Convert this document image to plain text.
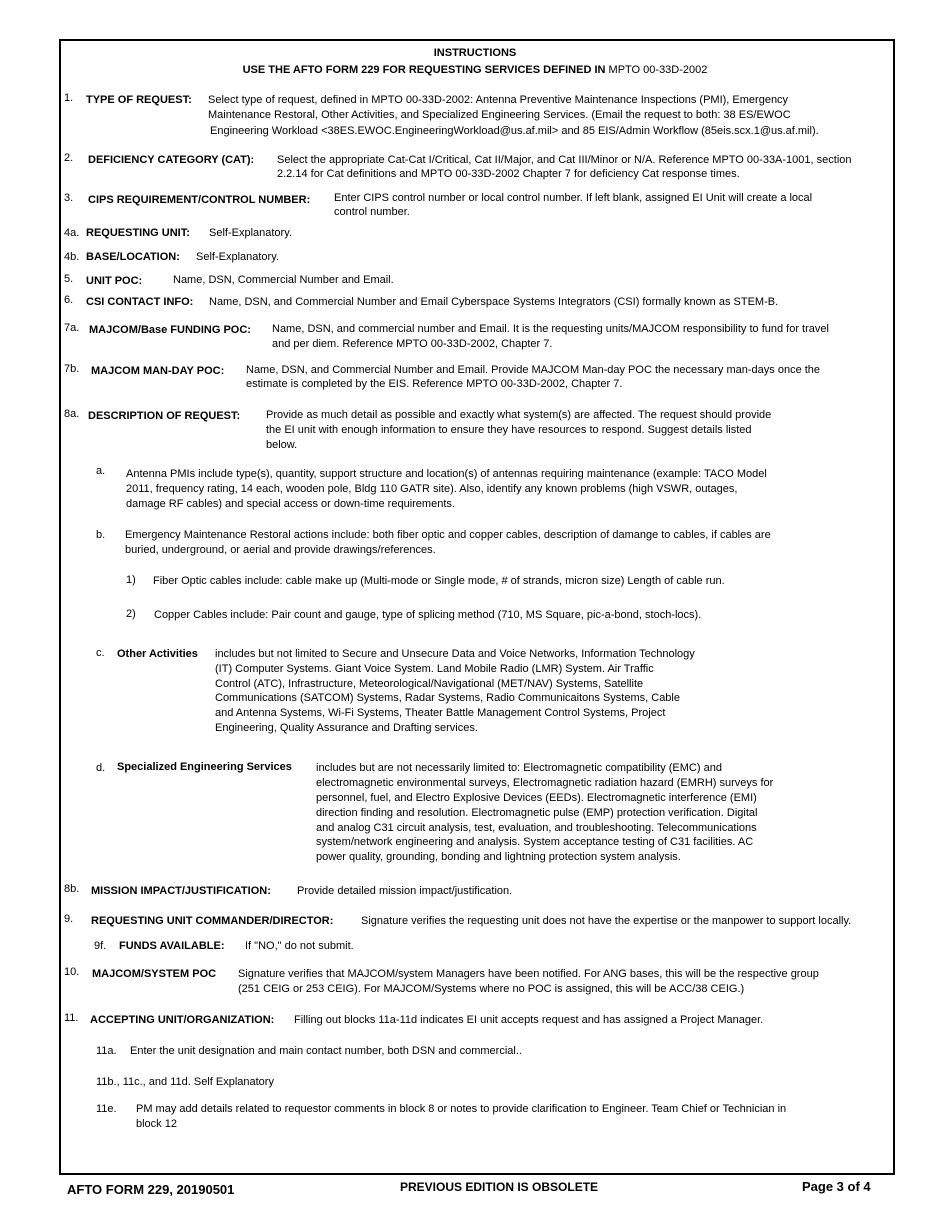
INSTRUCTIONS
USE THE AFTO FORM 229 FOR REQUESTING SERVICES DEFINED IN MPTO 00-33D-2002
1. TYPE OF REQUEST: Select type of request, defined in MPTO 00-33D-2002: Antenna Preventive Maintenance Inspections (PMI), Emergency
Maintenance Restoral, Other Activities, and Specialized Engineering Services. (Email the request to both: 38 ES/EWOC
Engineering Workload <38ES.EWOC.EngineeringWorkload@us.af.mil> and 85 EIS/Admin Workflow (85eis.scx.1@us.af.mil).
2. DEFICIENCY CATEGORY (CAT): Select the appropriate Cat-Cat I/Critical, Cat II/Major, and Cat III/Minor or N/A. Reference MPTO 00-33A-1001, section
2.2.14 for Cat definitions and MPTO 00-33D-2002 Chapter 7 for deficiency Cat response times.
3. CIPS REQUIREMENT/CONTROL NUMBER: Enter CIPS control number or local control number. If left blank, assigned EI Unit will create a local
control number.
4a. REQUESTING UNIT: Self-Explanatory.
4b. BASE/LOCATION: Self-Explanatory.
5. UNIT POC:	Name, DSN, Commercial Number and Email.
6. CSI CONTACT INFO: Name, DSN, and Commercial Number and Email Cyberspace Systems Integrators (CSI) formally known as STEM-B.
7a. MAJCOM/Base FUNDING POC: Name, DSN, and commercial number and Email. It is the requesting units/MAJCOM responsibility to fund for travel
and per diem. Reference MPTO 00-33D-2002, Chapter 7.
7b. MAJCOM MAN-DAY POC: Name, DSN, and Commercial Number and Email. Provide MAJCOM Man-day POC the necessary man-days once the
estimate is completed by the EIS. Reference MPTO 00-33D-2002, Chapter 7.
8a. DESCRIPTION OF REQUEST: Provide as much detail as possible and exactly what system(s) are affected. The request should provide
the EI unit with enough information to ensure they have resources to respond. Suggest details listed
below.
a. Antenna PMIs include type(s), quantity, support structure and location(s) of antennas requiring maintenance (example: TACO Model
2011, frequency rating, 14 each, wooden pole, Bldg 110 GATR site). Also, identify any known problems (high VSWR, outages,
damage RF cables) and special access or down-time requirements.
b. Emergency Maintenance Restoral actions include: both fiber optic and copper cables, description of damange to cables, if cables are
buried, underground, or aerial and provide drawings/references.
1) Fiber Optic cables include: cable make up (Multi-mode or Single mode, # of strands, micron size) Length of cable run.
2) Copper Cables include: Pair count and gauge, type of splicing method (710, MS Square, pic-a-bond, stoch-locs).
c. Other Activities includes but not limited to Secure and Unsecure Data and Voice Networks, Information Technology
(IT) Computer Systems. Giant Voice System. Land Mobile Radio (LMR) System. Air Traffic
Control (ATC), Infrastructure, Meteorological/Navigational (MET/NAV) Systems, Satellite
Communications (SATCOM) Systems, Radar Systems, Radio Communicaitons Systems, Cable
and Antenna Systems, Wi-Fi Systems, Theater Battle Management Control Systems, Project
Engineering, Quality Assurance and Drafting services.
d. Specialized Engineering Services includes but are not necessarily limited to: Electromagnetic compatibility (EMC) and
electromagnetic environmental surveys, Electromagnetic radiation hazard (EMRH) surveys for
personnel, fuel, and Electro Explosive Devices (EEDs). Electromagnetic interference (EMI)
direction finding and resolution. Electromagnetic pulse (EMP) protection verification. Digital
and analog C31 circuit analysis, test, evaluation, and troubleshooting. Telecommunications
system/network engineering and analysis. System acceptance testing of C31 facilities. AC
power quality, grounding, bonding and lightning protection system analysis.
8b. MISSION IMPACT/JUSTIFICATION: Provide detailed mission impact/justification.
9. REQUESTING UNIT COMMANDER/DIRECTOR:	Signature verifies the requesting unit does not have the expertise or the manpower to support locally.
9f. FUNDS AVAILABLE: If "NO," do not submit.
10. MAJCOM/SYSTEM POC Signature verifies that MAJCOM/system Managers have been notified. For ANG bases, this will be the respective group
(251 CEIG or 253 CEIG). For MAJCOM/Systems where no POC is assigned, this will be ACC/38 CEIG.)
11. ACCEPTING UNIT/ORGANIZATION: Filling out blocks 11a-11d indicates EI unit accepts request and has assigned a Project Manager.
11a. Enter the unit designation and main contact number, both DSN and commercial..
11b., 11c., and 11d. Self Explanatory
11e. PM may add details related to requestor comments in block 8 or notes to provide clarification to Engineer. Team Chief or Technician in
block 12
AFTO FORM 229, 20190501	PREVIOUS EDITION IS OBSOLETE	Page 3 of 4
